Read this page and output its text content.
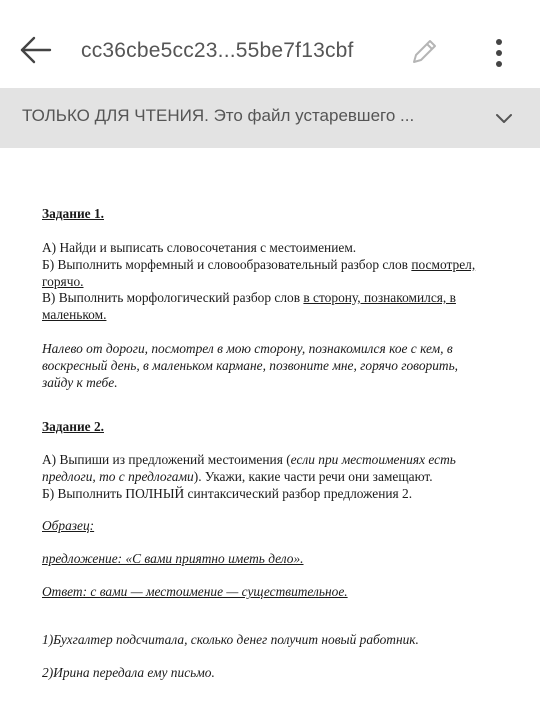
cc36cbe5cc23...55be7f13cbf
ТОЛЬКО ДЛЯ ЧТЕНИЯ. Это файл устаревшего ...
Задание 1.
А) Найди и выписать словосочетания с местоимением.
Б) Выполнить морфемный и словообразовательный разбор слов посмотрел,
горячо.
В) Выполнить морфологический разбор слов в сторону, познакомился, в
маленьком.
Налево от дороги, посмотрел в мою сторону, познакомился кое с кем, в
воскресный день, в маленьком кармане, позвоните мне, горячо говорить,
зайду к тебе.
Задание 2.
А) Выпиши из предложений местоимения (если при местоимениях есть
предлоги, то с предлогами). Укажи, какие части речи они замещают.
Б) Выполнить ПОЛНЫЙ синтаксический разбор предложения 2.
Образец:
предложение: «С вами приятно иметь дело».
Ответ: с вами — местоимение — существительное.
1)Бухгалтер подсчитала, сколько денег получит новый работник.
2)Ирина передала ему письмо.
